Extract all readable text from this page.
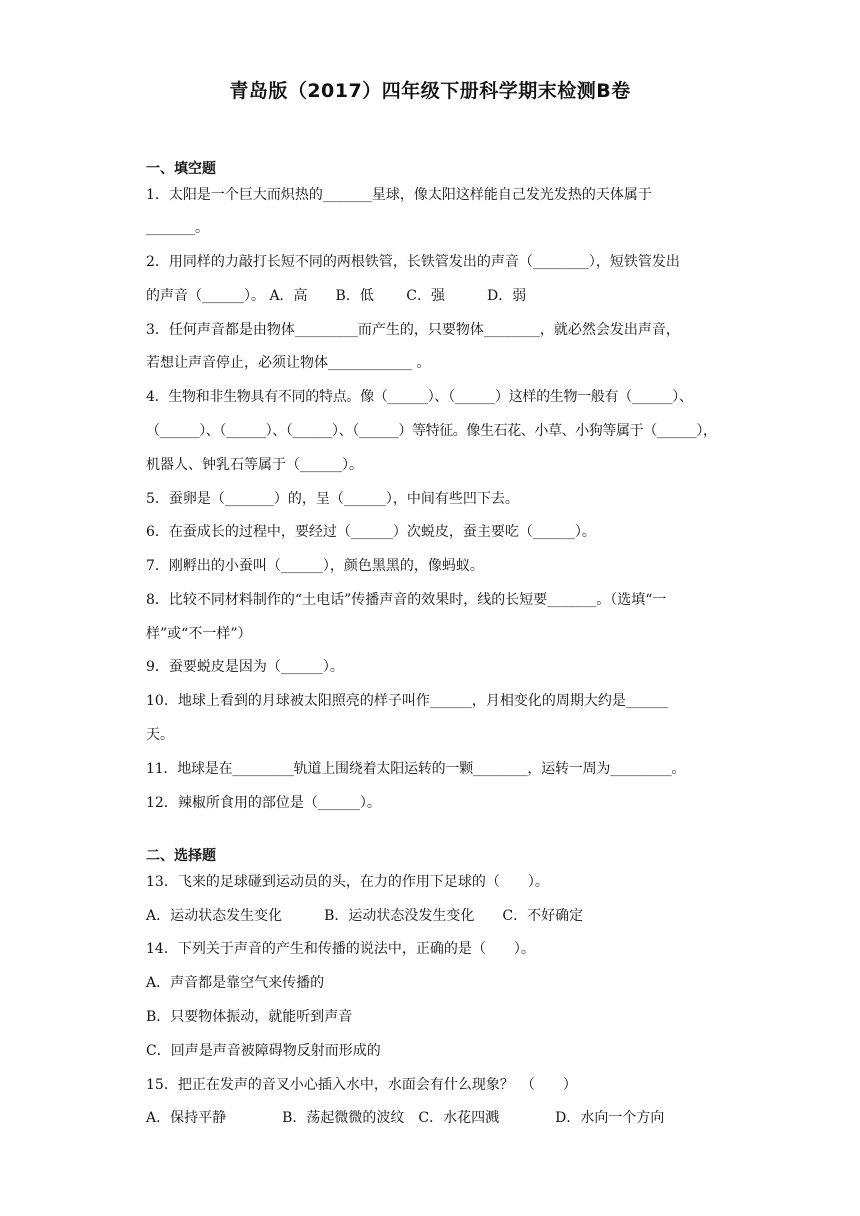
青岛版（2017）四年级下册科学期末检测B卷
一、填空题
1．太阳是一个巨大而炽热的_______星球，像太阳这样能自己发光发热的天体属于
_______。
2．用同样的力敲打长短不同的两根铁管，长铁管发出的声音（________），短铁管发出
的声音（______）。 A．高　　B．低　　 C．强　　　D．弱
3．任何声音都是由物体_________而产生的，只要物体________，就必然会发出声音，
若想让声音停止，必须让物体____________ 。
4．生物和非生物具有不同的特点。像（______）、（______）这样的生物一般有（______）、
（______）、（______）、（______）、（______）等特征。像生石花、小草、小狗等属于（______），
机器人、钟乳石等属于（______）。
5．蚕卵是（_______）的，呈（______），中间有些凹下去。
6．在蚕成长的过程中，要经过（______）次蜕皮，蚕主要吃（______）。
7．刚孵出的小蚕叫（______），颜色黑黑的，像蚂蚁。
8．比较不同材料制作的“土电话”传播声音的效果时，线的长短要_______。（选填“一
样”或“不一样”）
9．蚕要蜕皮是因为（______）。
10．地球上看到的月球被太阳照亮的样子叫作______，月相变化的周期大约是______
天。
11．地球是在_________轨道上围绕着太阳运转的一颗________，运转一周为_________。
12．辣椒所食用的部位是（______）。
二、选择题
13．飞来的足球碰到运动员的头，在力的作用下足球的（　　）。
A．运动状态发生变化　　　B．运动状态没发生变化　　C．不好确定
14．下列关于声音的产生和传播的说法中，正确的是（　　）。
A．声音都是靠空气来传播的
B．只要物体振动，就能听到声音
C．回声是声音被障碍物反射而形成的
15．把正在发声的音叉小心插入水中，水面会有什么现象？　（　　）
A．保持平静　　　　B．荡起微微的波纹　C．水花四溅　　　　D．水向一个方向
